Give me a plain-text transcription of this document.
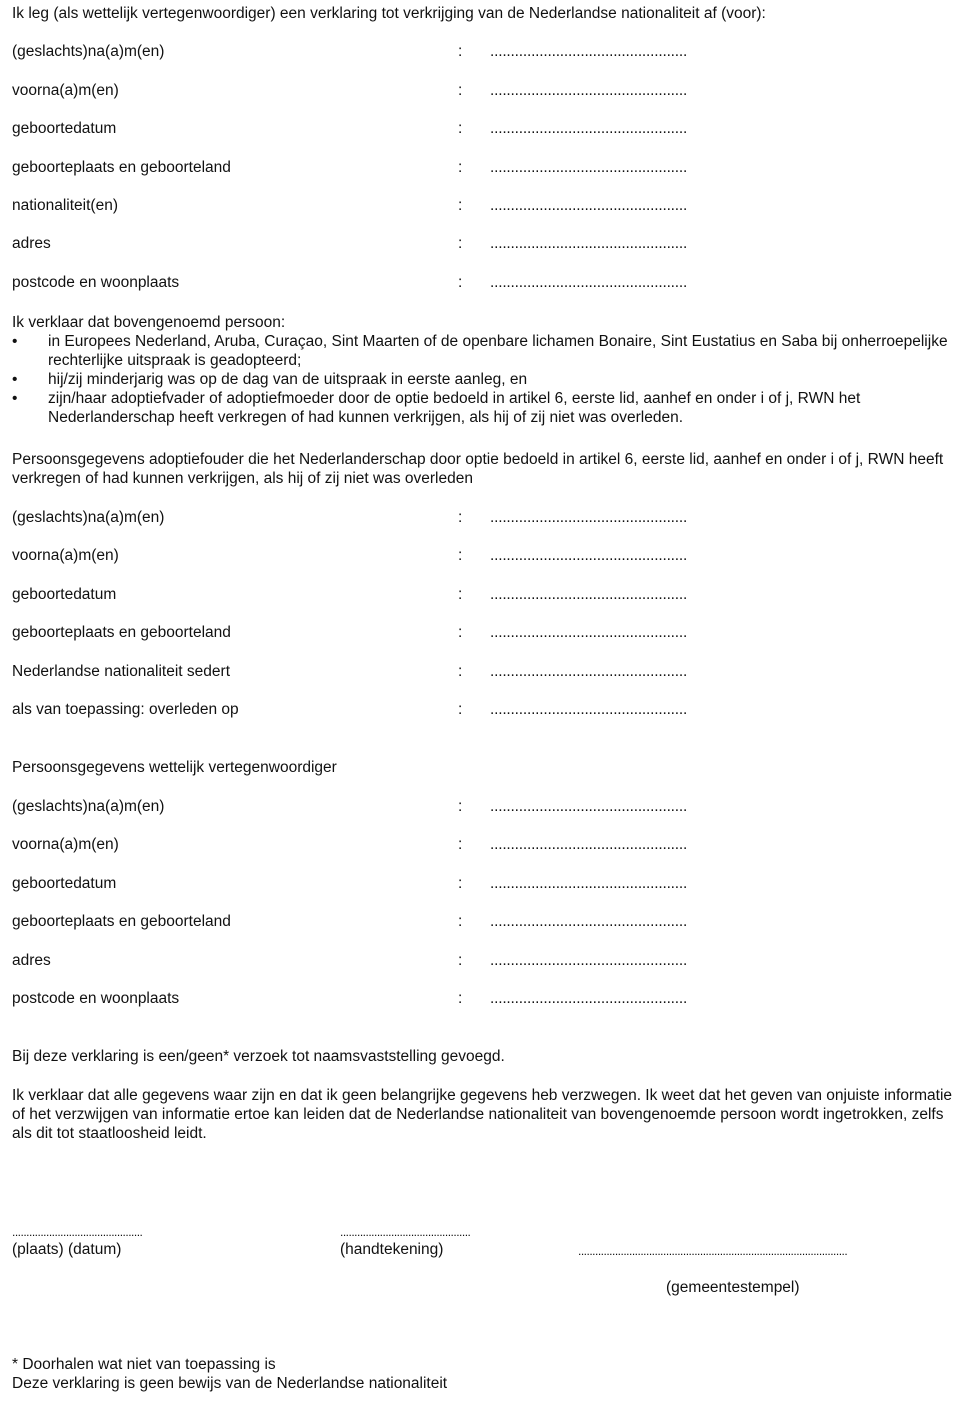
Ik leg (als wettelijk vertegenwoordiger) een verklaring tot verkrijging van de Nederlandse nationaliteit af (voor):
(geslachts)na(a)m(en)	: ................................................
voorna(a)m(en)	: ................................................
geboortedatum	: ................................................
geboorteplaats en geboorteland	: ................................................
nationaliteit(en)	: ................................................
adres	: ................................................
postcode en woonplaats	: ................................................
Ik verklaar dat bovengenoemd persoon:
• in Europees Nederland, Aruba, Curaçao, Sint Maarten of de openbare lichamen Bonaire, Sint Eustatius en Saba bij onherroepelijke rechterlijke uitspraak is geadopteerd;
• hij/zij minderjarig was op de dag van de uitspraak in eerste aanleg, en
• zijn/haar adoptiefvader of adoptiefmoeder door de optie bedoeld in artikel 6, eerste lid, aanhef en onder i of j, RWN het Nederlanderschap heeft verkregen of had kunnen verkrijgen, als hij of zij niet was overleden.
Persoonsgegevens adoptiefouder die het Nederlanderschap door optie bedoeld in artikel 6, eerste lid, aanhef en onder i of j, RWN heeft verkregen of had kunnen verkrijgen, als hij of zij niet was overleden
(geslachts)na(a)m(en)	: ................................................
voorna(a)m(en)	: ................................................
geboortedatum	: ................................................
geboorteplaats en geboorteland	: ................................................
Nederlandse nationaliteit sedert	: ................................................
als van toepassing: overleden op	: ................................................
Persoonsgegevens wettelijk vertegenwoordiger
(geslachts)na(a)m(en)	: ................................................
voorna(a)m(en)	: ................................................
geboortedatum	: ................................................
geboorteplaats en geboorteland	: ................................................
adres	: ................................................
postcode en woonplaats	: ................................................
Bij deze verklaring is een/geen* verzoek tot naamsvaststelling gevoegd.
Ik verklaar dat alle gegevens waar zijn en dat ik geen belangrijke gegevens heb verzwegen. Ik weet dat het geven van onjuiste informatie of het verzwijgen van informatie ertoe kan leiden dat de Nederlandse nationaliteit van bovengenoemde persoon wordt ingetrokken, zelfs als dit tot staatloosheid leidt.
..............................................
(plaats) (datum)
..............................................
(handtekening)	...............................................................................................
(gemeentestempel)
* Doorhalen wat niet van toepassing is
Deze verklaring is geen bewijs van de Nederlandse nationaliteit
